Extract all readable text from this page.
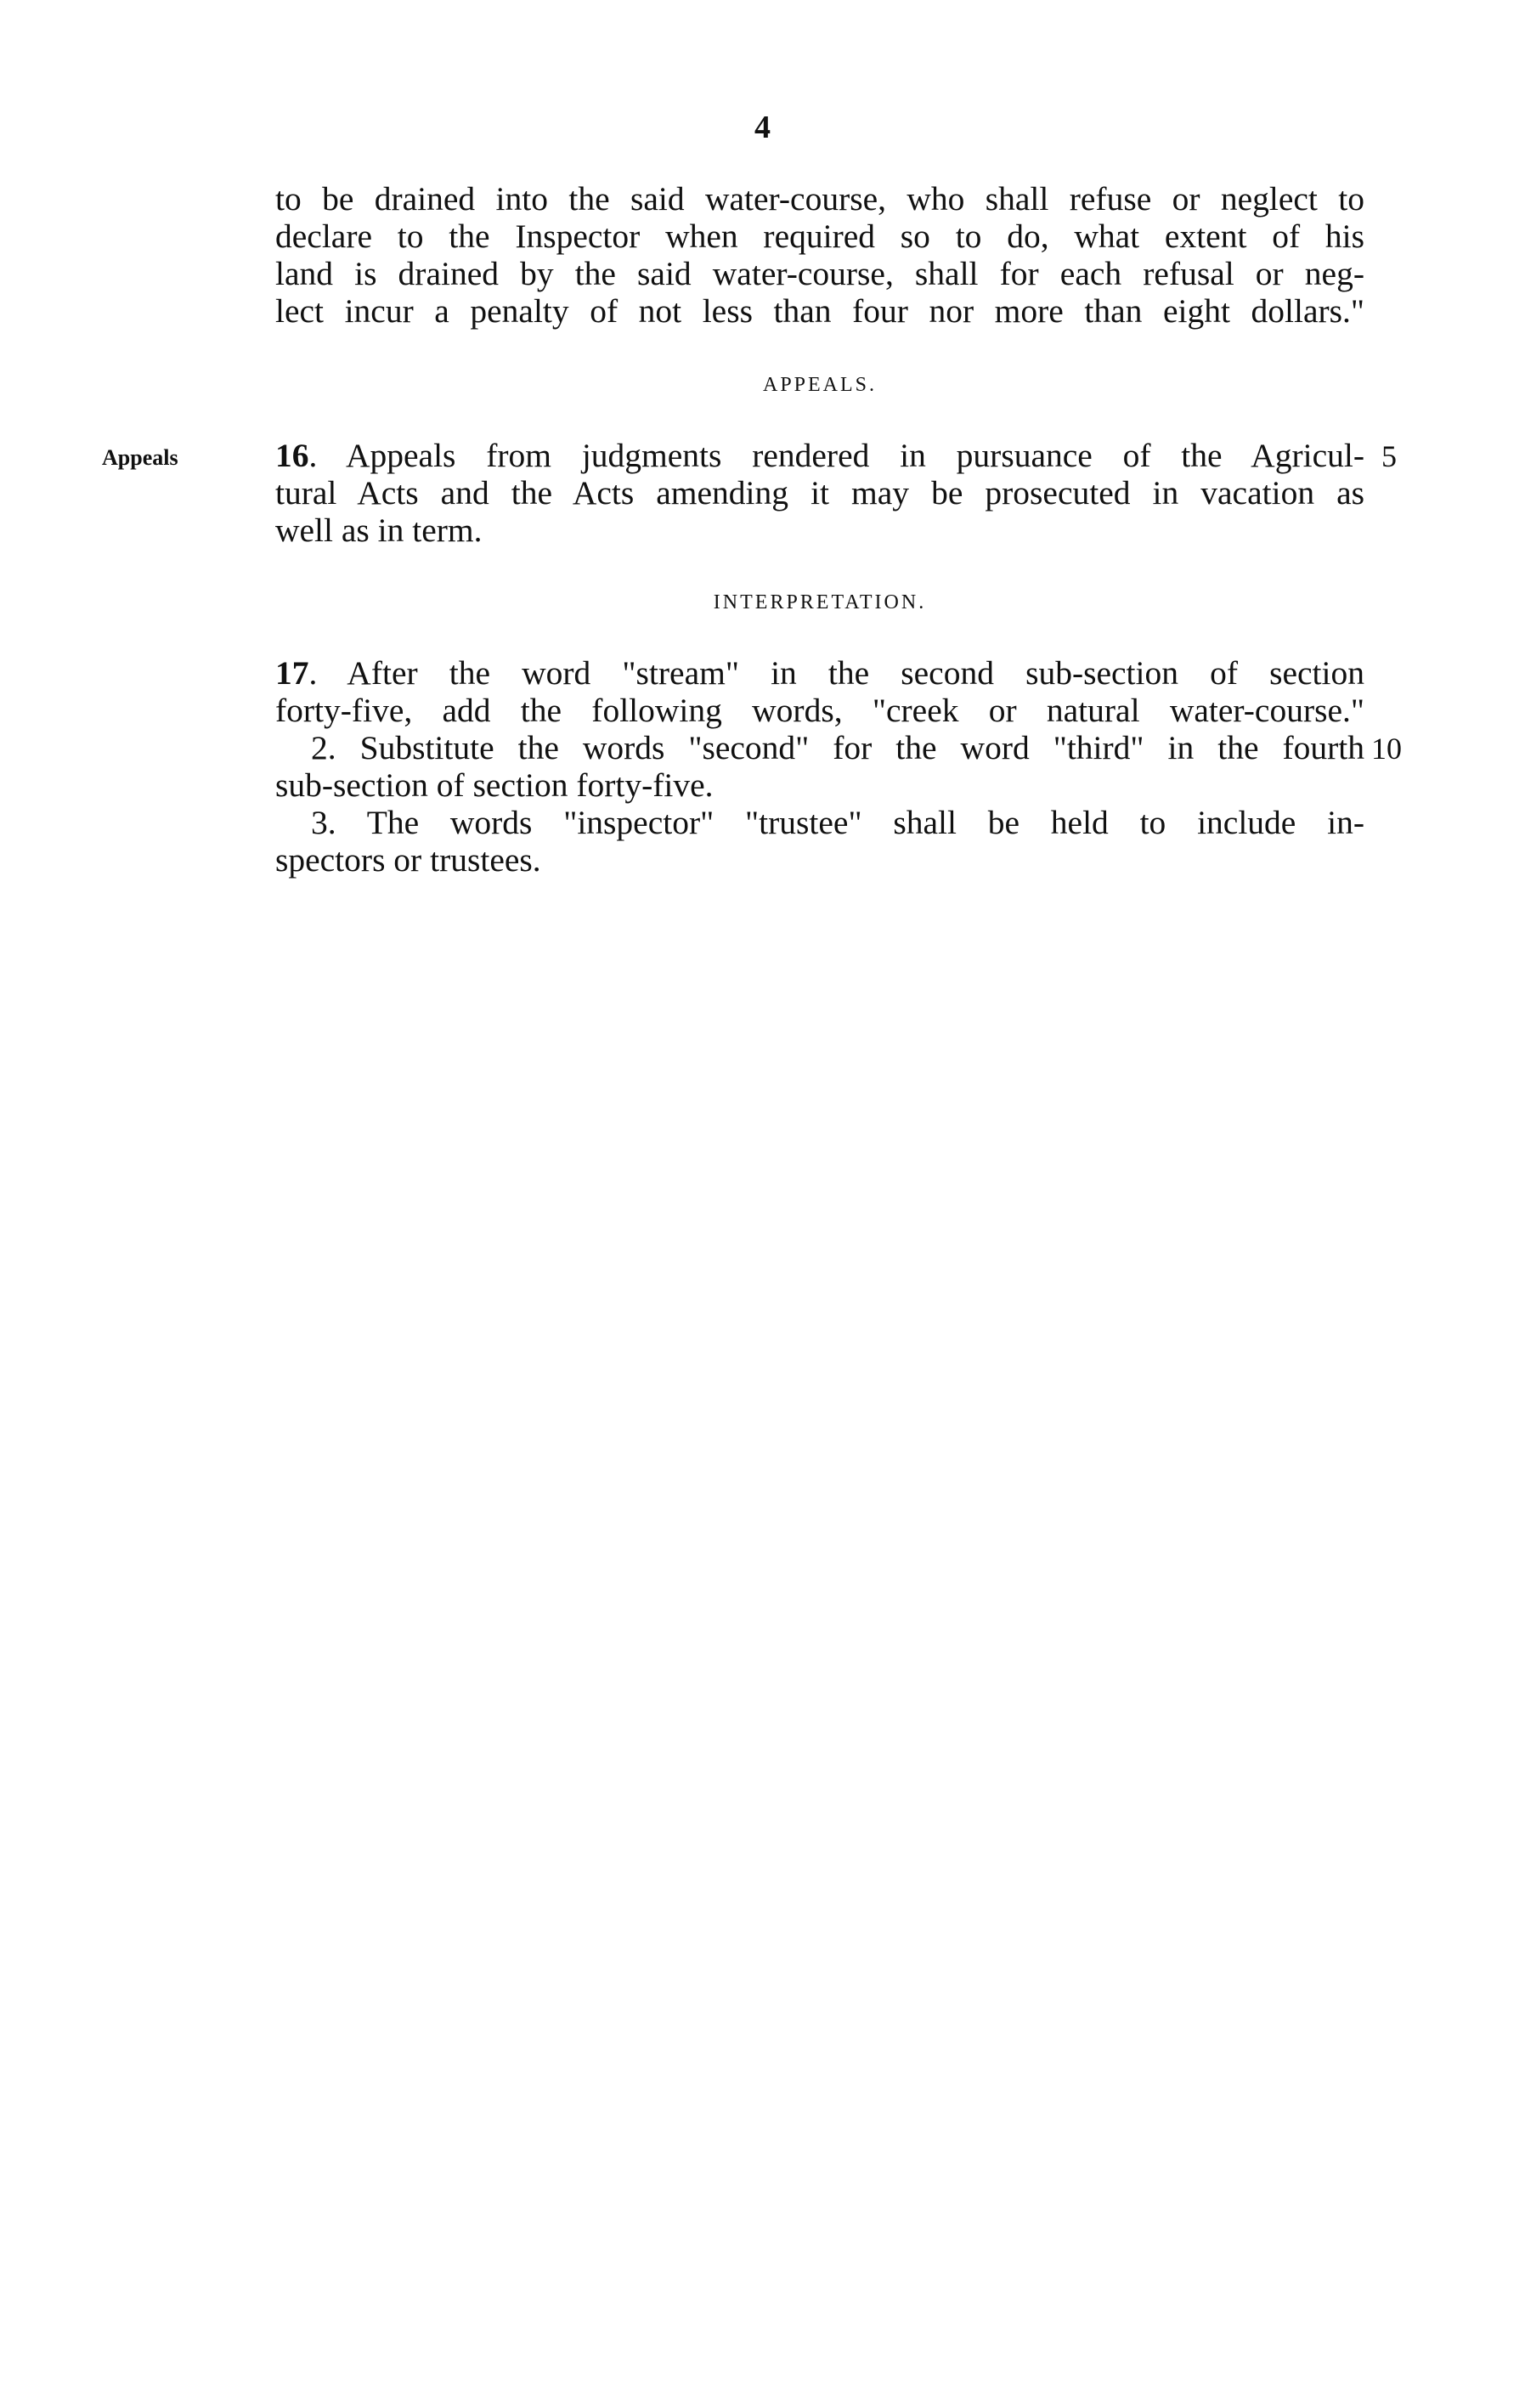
4
to be drained into the said water-course, who shall refuse or neglect to
declare to the Inspector when required so to do, what extent of his
land is drained by the said water-course, shall for each refusal or neg-
lect incur a penalty of not less than four nor more than eight dollars."
APPEALS.
Appeals	16. Appeals from judgments rendered in pursuance of the Agricul-
tural Acts and the Acts amending it may be prosecuted in vacation as
well as in term.
5
INTERPRETATION.
17. After the word "stream" in the second sub-section of section
forty-five, add the following words, "creek or natural water-course."
2. Substitute the words "second" for the word "third" in the fourth
sub-section of section forty-five.
3. The words "inspector" "trustee" shall be held to include in-
spectors or trustees.
10
